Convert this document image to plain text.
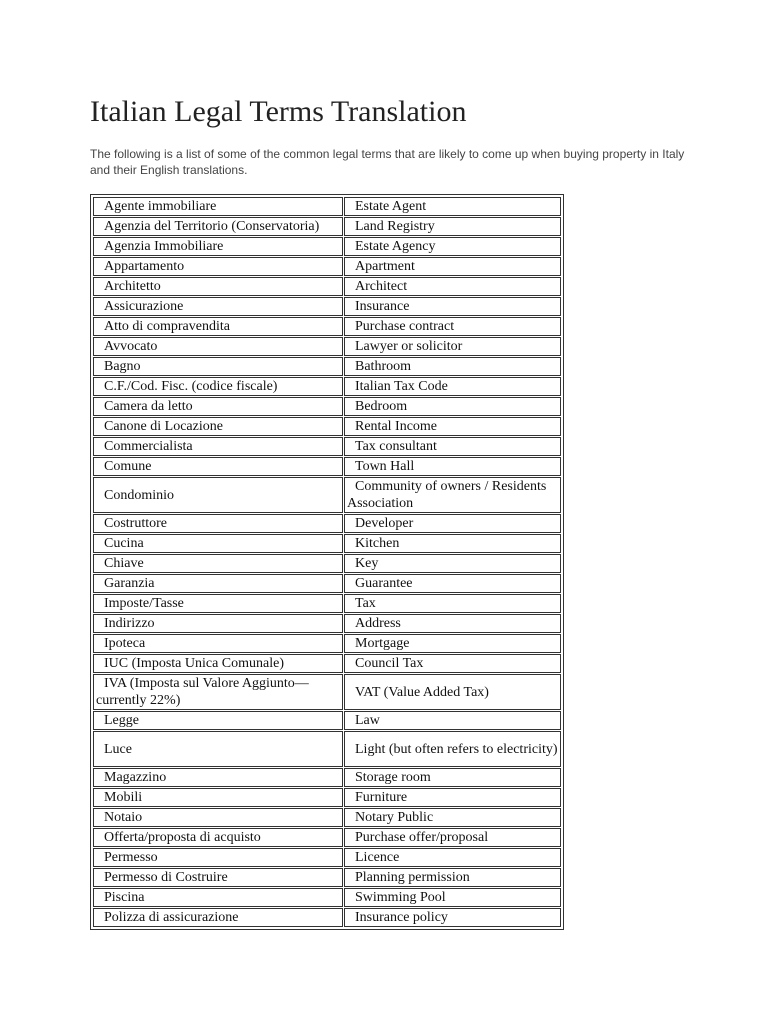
Italian Legal Terms Translation

The following is a list of some of the common legal terms that are likely to come up when buying property in Italy and their English translations.

Agente immobiliare	Estate Agent
Agenzia del Territorio (Conservatoria)	Land Registry
Agenzia Immobiliare	Estate Agency
Appartamento	Apartment
Architetto	Architect
Assicurazione	Insurance
Atto di compravendita	Purchase contract
Avvocato	Lawyer or solicitor
Bagno	Bathroom
C.F./Cod. Fisc. (codice fiscale)	Italian Tax Code
Camera da letto	Bedroom
Canone di Locazione	Rental Income
Commercialista	Tax consultant
Comune	Town Hall
Condominio	Community of owners / Residents Association
Costruttore	Developer
Cucina	Kitchen
Chiave	Key
Garanzia	Guarantee
Imposte/Tasse	Tax
Indirizzo	Address
Ipoteca	Mortgage
IUC (Imposta Unica Comunale)	Council Tax
IVA (Imposta sul Valore Aggiunto—currently 22%)	VAT (Value Added Tax)
Legge	Law
Luce	Light (but often refers to electricity)
Magazzino	Storage room
Mobili	Furniture
Notaio	Notary Public
Offerta/proposta di acquisto	Purchase offer/proposal
Permesso	Licence
Permesso di Costruire	Planning permission
Piscina	Swimming Pool
Polizza di assicurazione	Insurance policy
